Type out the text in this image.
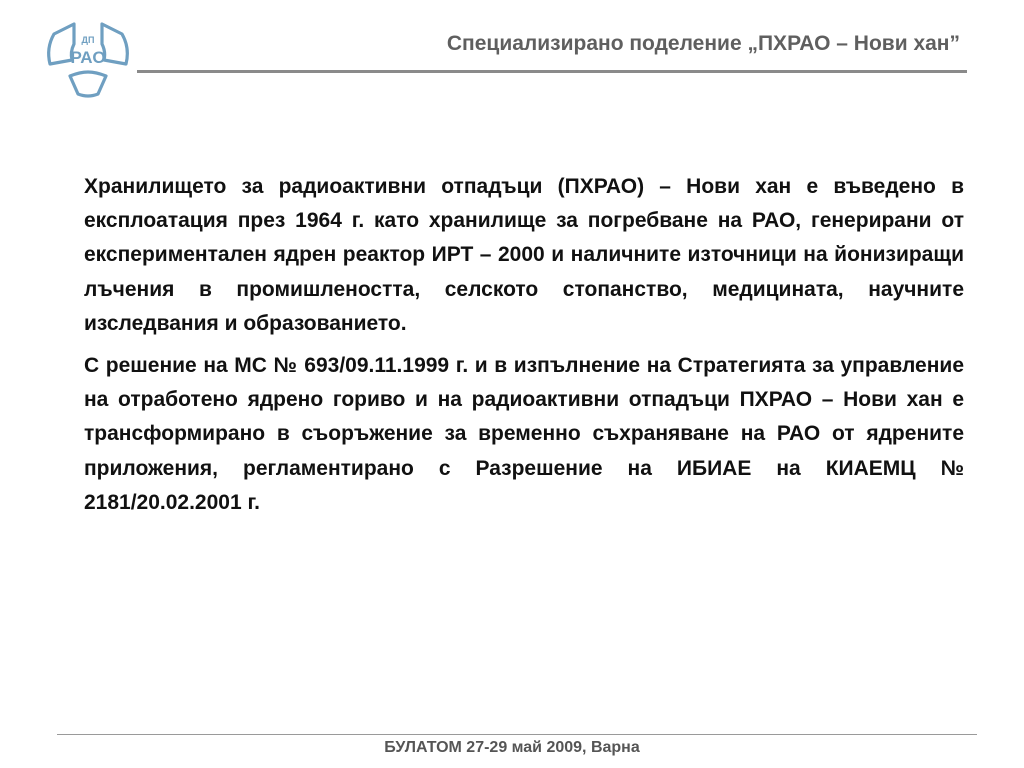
ДП
РАО
Специализирано поделение „ПХРАО – Нови хан”

Хранилището за радиоактивни отпадъци (ПХРАО) – Нови хан е въведено в експлоатация през 1964 г. като хранилище за погребване на РАО, генерирани от експериментален ядрен реактор ИРТ – 2000 и наличните източници на йонизиращи лъчения в промишлеността, селското стопанство, медицината, научните изследвания и образованието.

С решение на МС № 693/09.11.1999 г. и в изпълнение на Стратегията за управление на отработено ядрено гориво и на радиоактивни отпадъци ПХРАО – Нови хан е трансформирано в съоръжение за временно съхраняване на РАО от ядрените приложения, регламентирано с Разрешение на ИБИАЕ на КИАЕМЦ № 2181/20.02.2001 г.

БУЛАТОМ 27-29 май 2009, Варна
